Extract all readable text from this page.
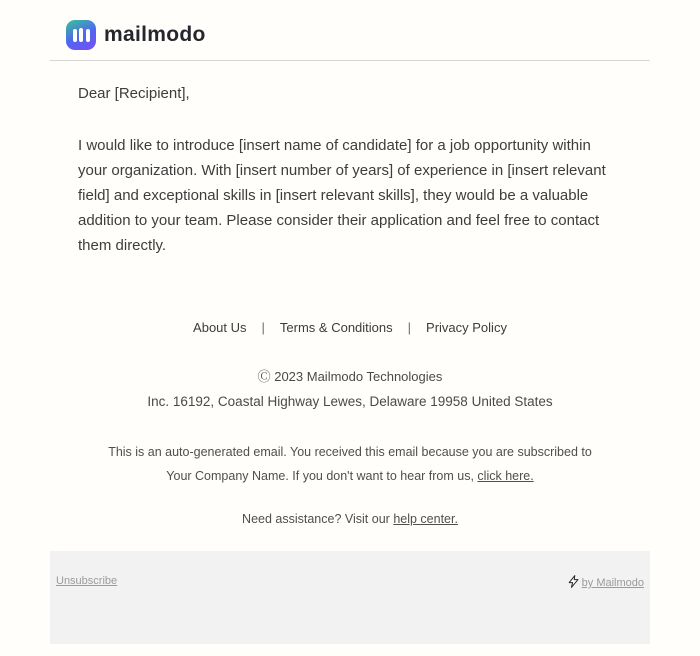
mailmodo
Dear [Recipient],
I would like to introduce [insert name of candidate] for a job opportunity within your organization. With [insert number of years] of experience in [insert relevant field] and exceptional skills in [insert relevant skills], they would be a valuable addition to your team. Please consider their application and feel free to contact them directly.
About Us | Terms & Conditions | Privacy Policy
Ⓒ 2023 Mailmodo Technologies
Inc. 16192, Coastal Highway Lewes, Delaware 19958 United States
This is an auto-generated email. You received this email because you are subscribed to
Your Company Name. If you don't want to hear from us, click here.
Need assistance? Visit our help center.
Unsubscribe	by Mailmodo
